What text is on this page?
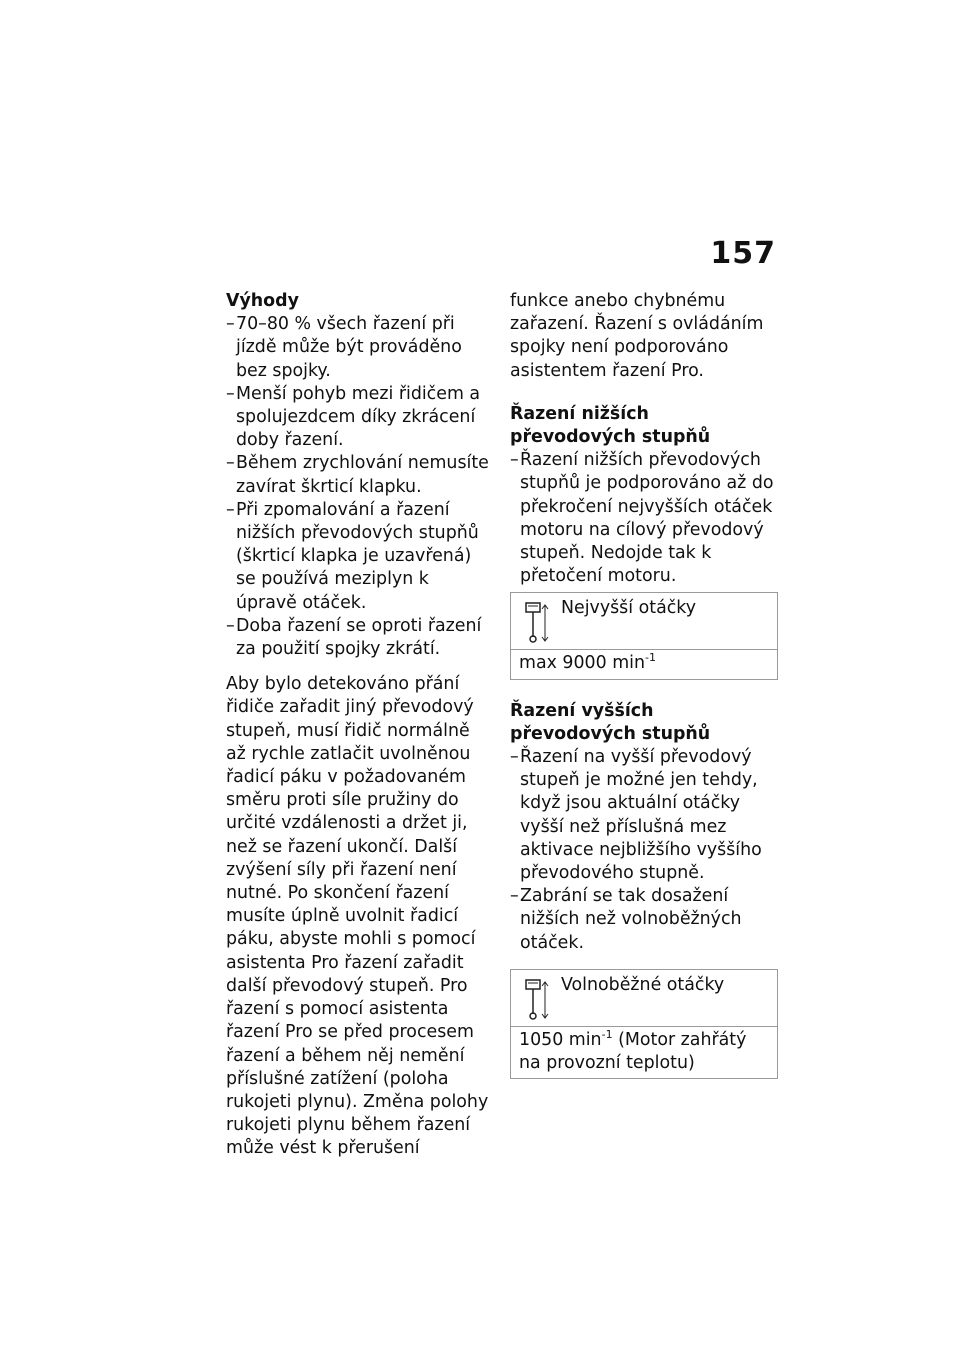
157
Výhody
– 70–80 % všech řazení při jízdě může být prováděno bez spojky.
– Menší pohyb mezi řidičem a spolujezdcem díky zkrácení doby řazení.
– Během zrychlování nemusíte zavírat škrticí klapku.
– Při zpomalování a řazení nižších převodových stupňů (škrticí klapka je uzavřená) se používá meziplyn k úpravě otáček.
– Doba řazení se oproti řazení za použití spojky zkrátí.

Aby bylo detekováno přání řidiče zařadit jiný převodový stupeň, musí řidič normálně až rychle zatlačit uvolněnou řadicí páku v požadovaném směru proti síle pružiny do určité vzdálenosti a držet ji, než se řazení ukončí. Další zvýšení síly při řazení není nutné. Po skončení řazení musíte úplně uvolnit řadicí páku, abyste mohli s pomocí asistenta Pro řazení zařadit další převodový stupeň. Pro řazení s pomocí asistenta řazení Pro se před procesem řazení a během něj nemění příslušné zatížení (poloha rukojeti plynu). Změna polohy rukojeti plynu během řazení může vést k přerušení

funkce anebo chybnému zařazení. Řazení s ovládáním spojky není podporováno asistentem řazení Pro.

Řazení nižších převodových stupňů
– Řazení nižších převodových stupňů je podporováno až do překročení nejvyšších otáček motoru na cílový převodový stupeň. Nedojde tak k přetočení motoru.
Nejvyšší otáčky
max 9000 $\min^{-1}$
Řazení vyšších převodových stupňů
– Řazení na vyšší převodový stupeň je možné jen tehdy, když jsou aktuální otáčky vyšší než příslušná mez aktivace nejbližšího vyššího převodového stupně.
– Zabrání se tak dosažení nižších než volnoběžných otáček.
Volnoběžné otáčky
1050 $\min^{-1}$ (Motor zahřátý na provozní teplotu)
